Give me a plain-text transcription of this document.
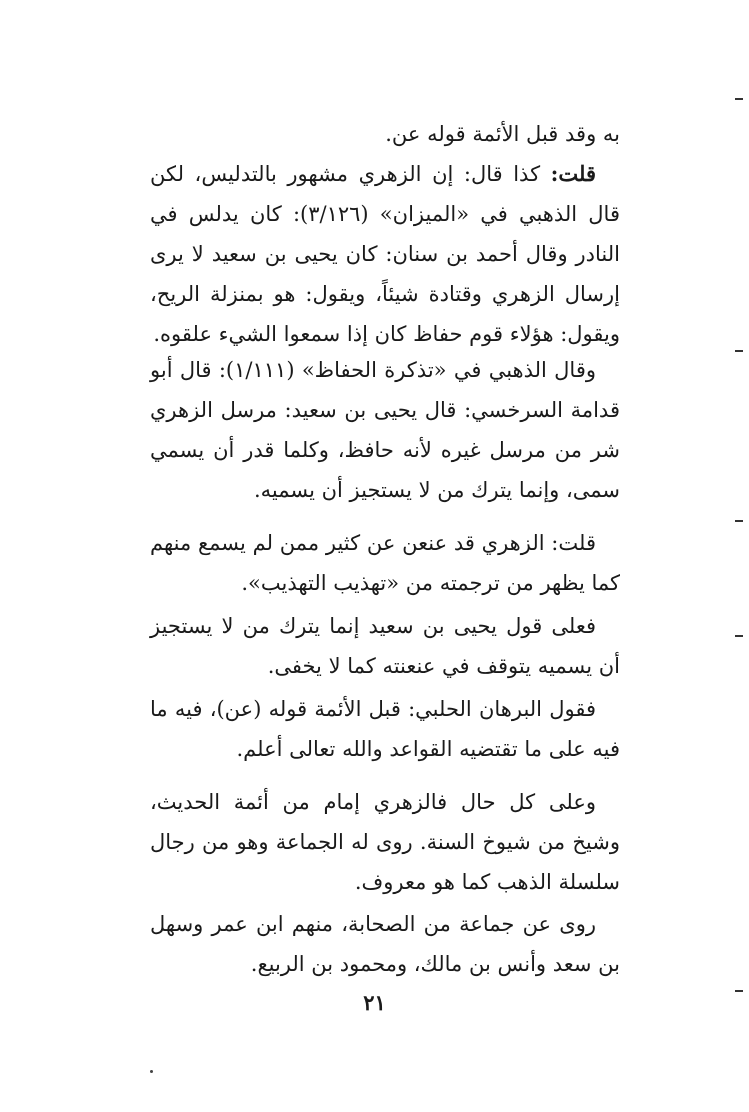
به وقد قبل الأئمة قوله عن.

قلت: كذا قال: إن الزهري مشهور بالتدليس، لكن قال الذهبي في «الميزان» (٣/١٢٦): كان يدلس في النادر وقال أحمد بن سنان: كان يحيى بن سعيد لا يرى إرسال الزهري وقتادة شيئاً، ويقول: هو بمنزلة الريح، ويقول: هؤلاء قوم حفاظ كان إذا سمعوا الشيء علقوه.

وقال الذهبي في «تذكرة الحفاظ» (١/١١١): قال أبو قدامة السرخسي: قال يحيى بن سعيد: مرسل الزهري شر من مرسل غيره لأنه حافظ، وكلما قدر أن يسمي سمى، وإنما يترك من لا يستجيز أن يسميه.

قلت: الزهري قد عنعن عن كثير ممن لم يسمع منهم كما يظهر من ترجمته من «تهذيب التهذيب».

فعلى قول يحيى بن سعيد إنما يترك من لا يستجيز أن يسميه يتوقف في عنعنته كما لا يخفى.

فقول البرهان الحلبي: قبل الأئمة قوله (عن)، فيه ما فيه على ما تقتضيه القواعد والله تعالى أعلم.

وعلى كل حال فالزهري إمام من أئمة الحديث، وشيخ من شيوخ السنة. روى له الجماعة وهو من رجال سلسلة الذهب كما هو معروف.

روى عن جماعة من الصحابة، منهم ابن عمر وسهل بن سعد وأنس بن مالك، ومحمود بن الربيع.

٢١
